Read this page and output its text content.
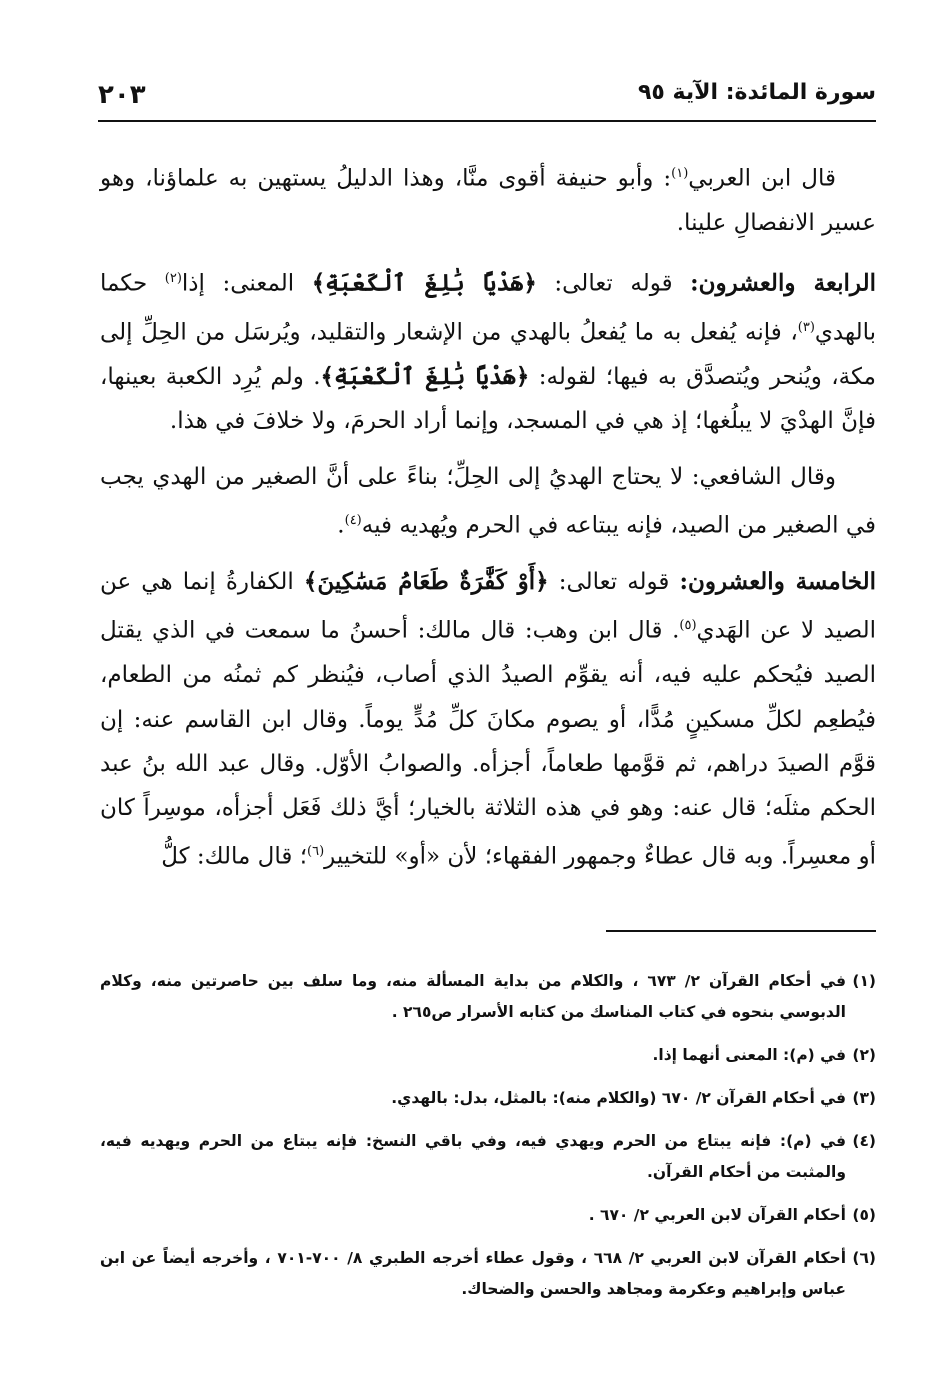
سورة المائدة: الآية ٩٥
٢٠٣

قال ابن العربي$^{(١)}$: وأبو حنيفة أقوى منَّا، وهذا الدليلُ يستهين به علماؤنا، وهو عسير الانفصالِ علينا.

الرابعة والعشرون: قوله تعالى: ﴿هَدْيًا بَٰلِغَ ٱلْكَعْبَةِ﴾ المعنى: إذا$^{(٢)}$ حكما بالهدي$^{(٣)}$، فإنه يُفعل به ما يُفعلُ بالهدي من الإشعار والتقليد، ويُرسَل من الحِلِّ إلى مكة، ويُنحر ويُتصدَّق به فيها؛ لقوله: ﴿هَدْيًا بَٰلِغَ ٱلْكَعْبَةِ﴾. ولم يُرِد الكعبة بعينها، فإنَّ الهدْيَ لا يبلُغها؛ إذ هي في المسجد، وإنما أراد الحرمَ، ولا خلافَ في هذا.

وقال الشافعي: لا يحتاج الهديُ إلى الحِلِّ؛ بناءً على أنَّ الصغير من الهدي يجب في الصغير من الصيد، فإنه يبتاعه في الحرم ويُهديه فيه$^{(٤)}$.

الخامسة والعشرون: قوله تعالى: ﴿أَوْ كَفَّٰرَةٌ طَعَامُ مَسَٰكِينَ﴾ الكفارةُ إنما هي عن الصيد لا عن الهَدي$^{(٥)}$. قال ابن وهب: قال مالك: أحسنُ ما سمعت في الذي يقتل الصيد فيُحكم عليه فيه، أنه يقوِّم الصيدُ الذي أصاب، فيُنظر كم ثمنُه من الطعام، فيُطعِم لكلِّ مسكينٍ مُدًّا، أو يصوم مكانَ كلِّ مُدٍّ يوماً. وقال ابن القاسم عنه: إن قوَّم الصيدَ دراهم، ثم قوَّمها طعاماً، أجزأه. والصوابُ الأوّل. وقال عبد الله بنُ عبد الحكم مثلَه؛ قال عنه: وهو في هذه الثلاثة بالخيار؛ أيَّ ذلك فَعَل أجزأه، موسِراً كان أو معسِراً. وبه قال عطاءٌ وجمهور الفقهاء؛ لأن «أو» للتخيير$^{(٦)}$؛ قال مالك: كلُّ

(١)
في أحكام القرآن ٢/ ٦٧٣ ، والكلام من بداية المسألة منه، وما سلف بين حاصرتين منه، وكلام الدبوسي بنحوه في كتاب المناسك من كتابه الأسرار ص٢٦٥ .
(٢)
في (م): المعنى أنهما إذا.
(٣)
في أحكام القرآن ٢/ ٦٧٠ (والكلام منه): بالمثل، بدل: بالهدي.
(٤)
في (م): فإنه يبتاع من الحرم ويهدي فيه، وفي باقي النسخ: فإنه يبتاع من الحرم ويهديه فيه، والمثبت من أحكام القرآن.
(٥)
أحكام القرآن لابن العربي ٢/ ٦٧٠ .
(٦)
أحكام القرآن لابن العربي ٢/ ٦٦٨ ، وقول عطاء أخرجه الطبري ٨/ ٧٠٠-٧٠١ ، وأخرجه أيضاً عن ابن عباس وإبراهيم وعكرمة ومجاهد والحسن والضحاك.
